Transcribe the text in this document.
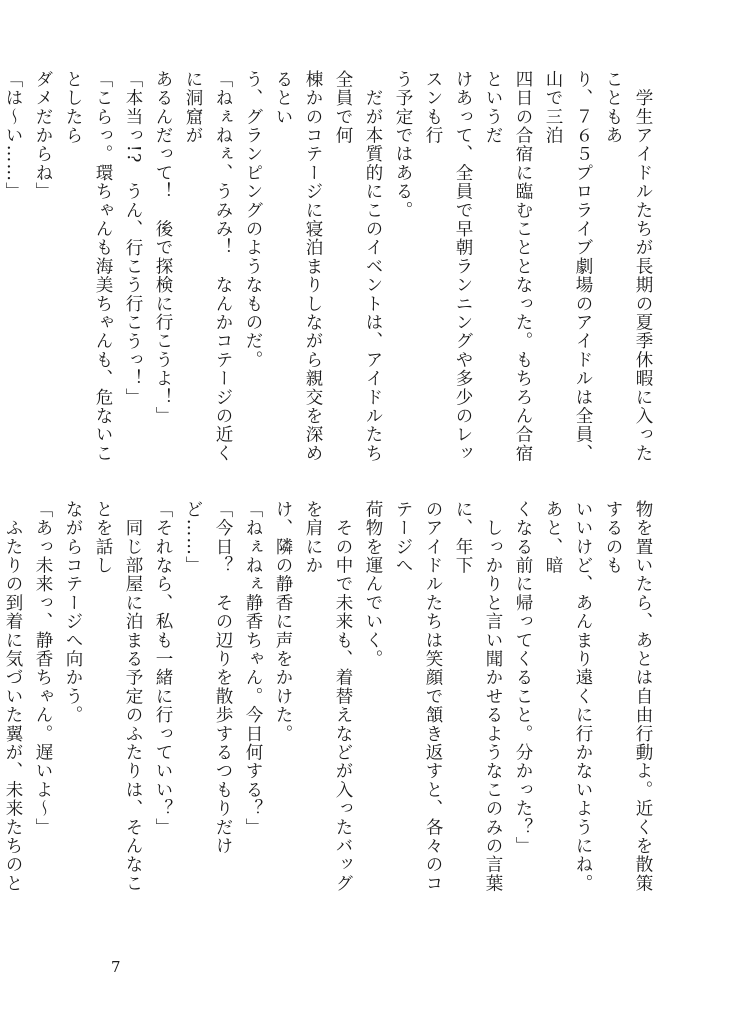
　学生アイドルたちが長期の夏季休暇に入ったこともあ

り、７６５プロライブ劇場のアイドルは全員、山で三泊

四日の合宿に臨むこととなった。もちろん合宿というだ

けあって、全員で早朝ランニングや多少のレッスンも行

う予定ではある。

　だが本質的にこのイベントは、アイドルたち全員で何

棟かのコテージに寝泊まりしながら親交を深めるとい

う、グランピングのようなものだ。

「ねぇねぇ、うみみ！　なんかコテージの近くに洞窟が

あるんだって！　後で探検に行こうよ！」

「本当っ!?　うん、行こう行こうっ！」

「こらっ。環ちゃんも海美ちゃんも、危ないことしたら

ダメだからね」

「は〜い……」

物を置いたら、あとは自由行動よ。近くを散策するのも

いいけど、あんまり遠くに行かないようにね。あと、暗

くなる前に帰ってくること。分かった？」

　しっかりと言い聞かせるようなこのみの言葉に、年下

のアイドルたちは笑顔で頷き返すと、各々のコテージへ

荷物を運んでいく。

　その中で未来も、着替えなどが入ったバッグを肩にか

け、隣の静香に声をかけた。

「ねぇねぇ静香ちゃん。今日何する？」

「今日？　その辺りを散歩するつもりだけど……」

「それなら、私も一緒に行っていい？」

　同じ部屋に泊まる予定のふたりは、そんなことを話し

ながらコテージへ向かう。

「あっ未来っ、静香ちゃん。遅いよ〜」

　ふたりの到着に気づいた翼が、未来たちのと

7
